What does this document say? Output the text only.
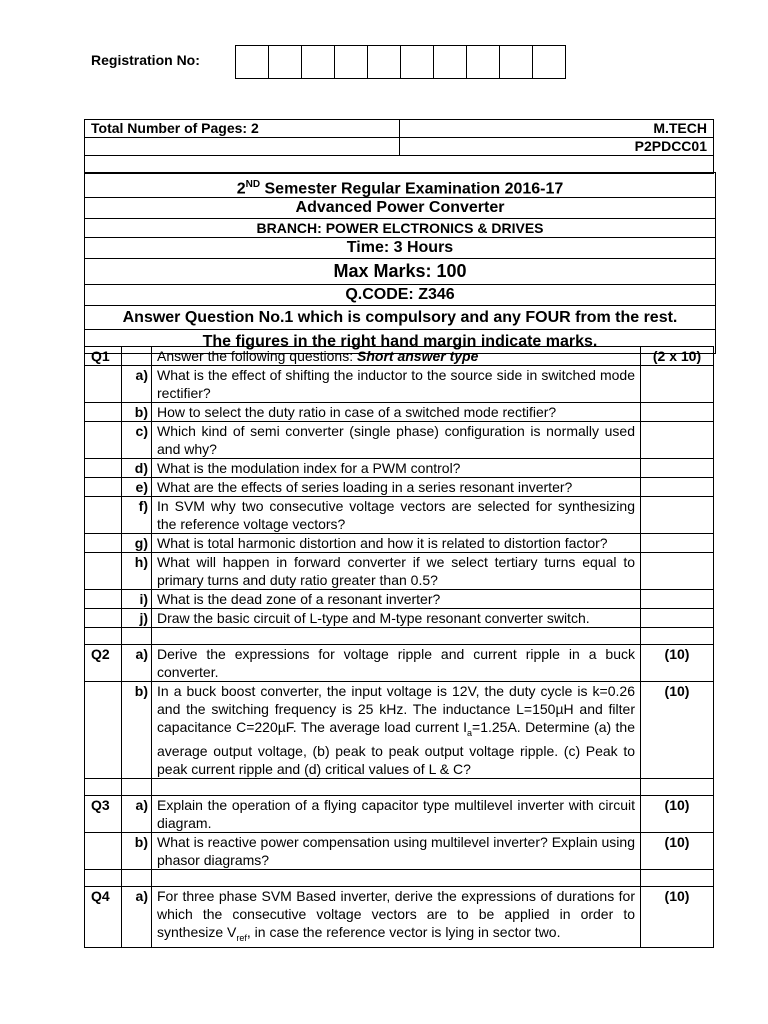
Registration No:
Total Number of Pages: 2	M.TECH
	P2PDCC01

2ND Semester Regular Examination 2016-17
Advanced Power Converter
BRANCH: POWER ELCTRONICS & DRIVES
Time: 3 Hours
Max Marks: 100
Q.CODE: Z346
Answer Question No.1 which is compulsory and any FOUR from the rest.
The figures in the right hand margin indicate marks.
Q1		Answer the following questions: Short answer type	(2 x 10)
	a)	What is the effect of shifting the inductor to the source side in switched mode rectifier?	
	b)	How to select the duty ratio in case of a switched mode rectifier?	
	c)	Which kind of semi converter (single phase) configuration is normally used and why?	
	d)	What is the modulation index for a PWM control?	
	e)	What are the effects of series loading in a series resonant inverter?	
	f)	In SVM why two consecutive voltage vectors are selected for synthesizing the reference voltage vectors?	
	g)	What is total harmonic distortion and how it is related to distortion factor?	
	h)	What will happen in forward converter if we select tertiary turns equal to primary turns and duty ratio greater than 0.5?	
	i)	What is the dead zone of a resonant inverter?	
	j)	Draw the basic circuit of L-type and M-type resonant converter switch.	

Q2	a)	Derive the expressions for voltage ripple and current ripple in a buck converter.	(10)
	b)	In a buck boost converter, the input voltage is 12V, the duty cycle is k=0.26 and the switching frequency is 25 kHz. The inductance L=150µH and filter capacitance C=220µF. The average load current $I_a=1.25A$. Determine (a) the average output voltage, (b) peak to peak output voltage ripple. (c) Peak to peak current ripple and (d) critical values of L & C?	(10)

Q3	a)	Explain the operation of a flying capacitor type multilevel inverter with circuit diagram.	(10)
	b)	What is reactive power compensation using multilevel inverter? Explain using phasor diagrams?	(10)

Q4	a)	For three phase SVM Based inverter, derive the expressions of durations for which the consecutive voltage vectors are to be applied in order to synthesize $V_{ref}$, in case the reference vector is lying in sector two.	(10)
